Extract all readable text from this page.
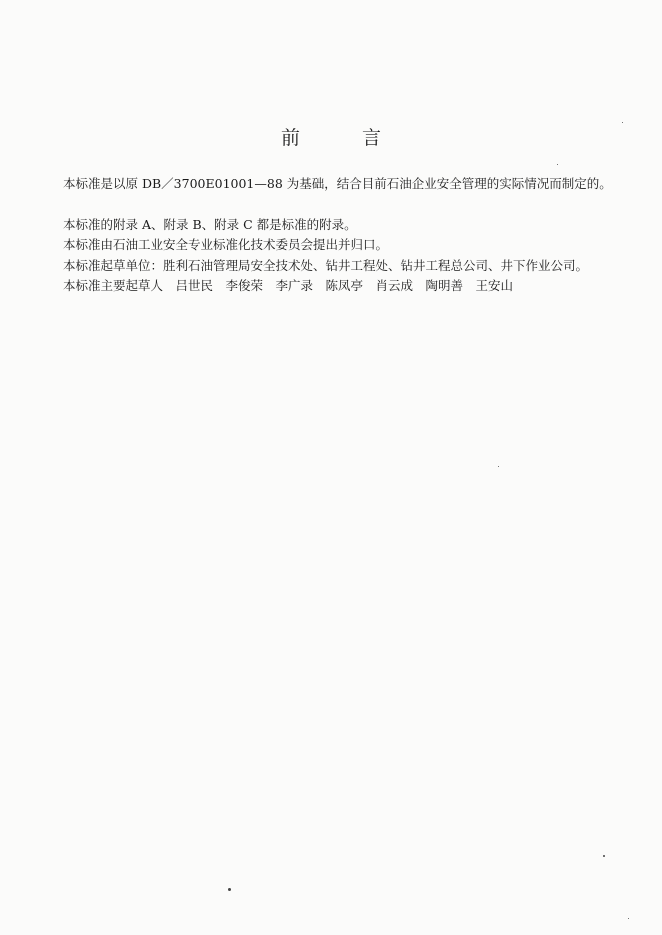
前言

本标准是以原 DB／3700E01001—88 为基础，结合目前石油企业安全管理的实际情况而制定的。

本标准的附录 A、附录 B、附录 C 都是标准的附录。

本标准由石油工业安全专业标准化技术委员会提出并归口。

本标准起草单位：胜利石油管理局安全技术处、钻井工程处、钻井工程总公司、井下作业公司。

本标准主要起草人　吕世民　李俊荣　李广录　陈凤亭　肖云成　陶明善　王安山
